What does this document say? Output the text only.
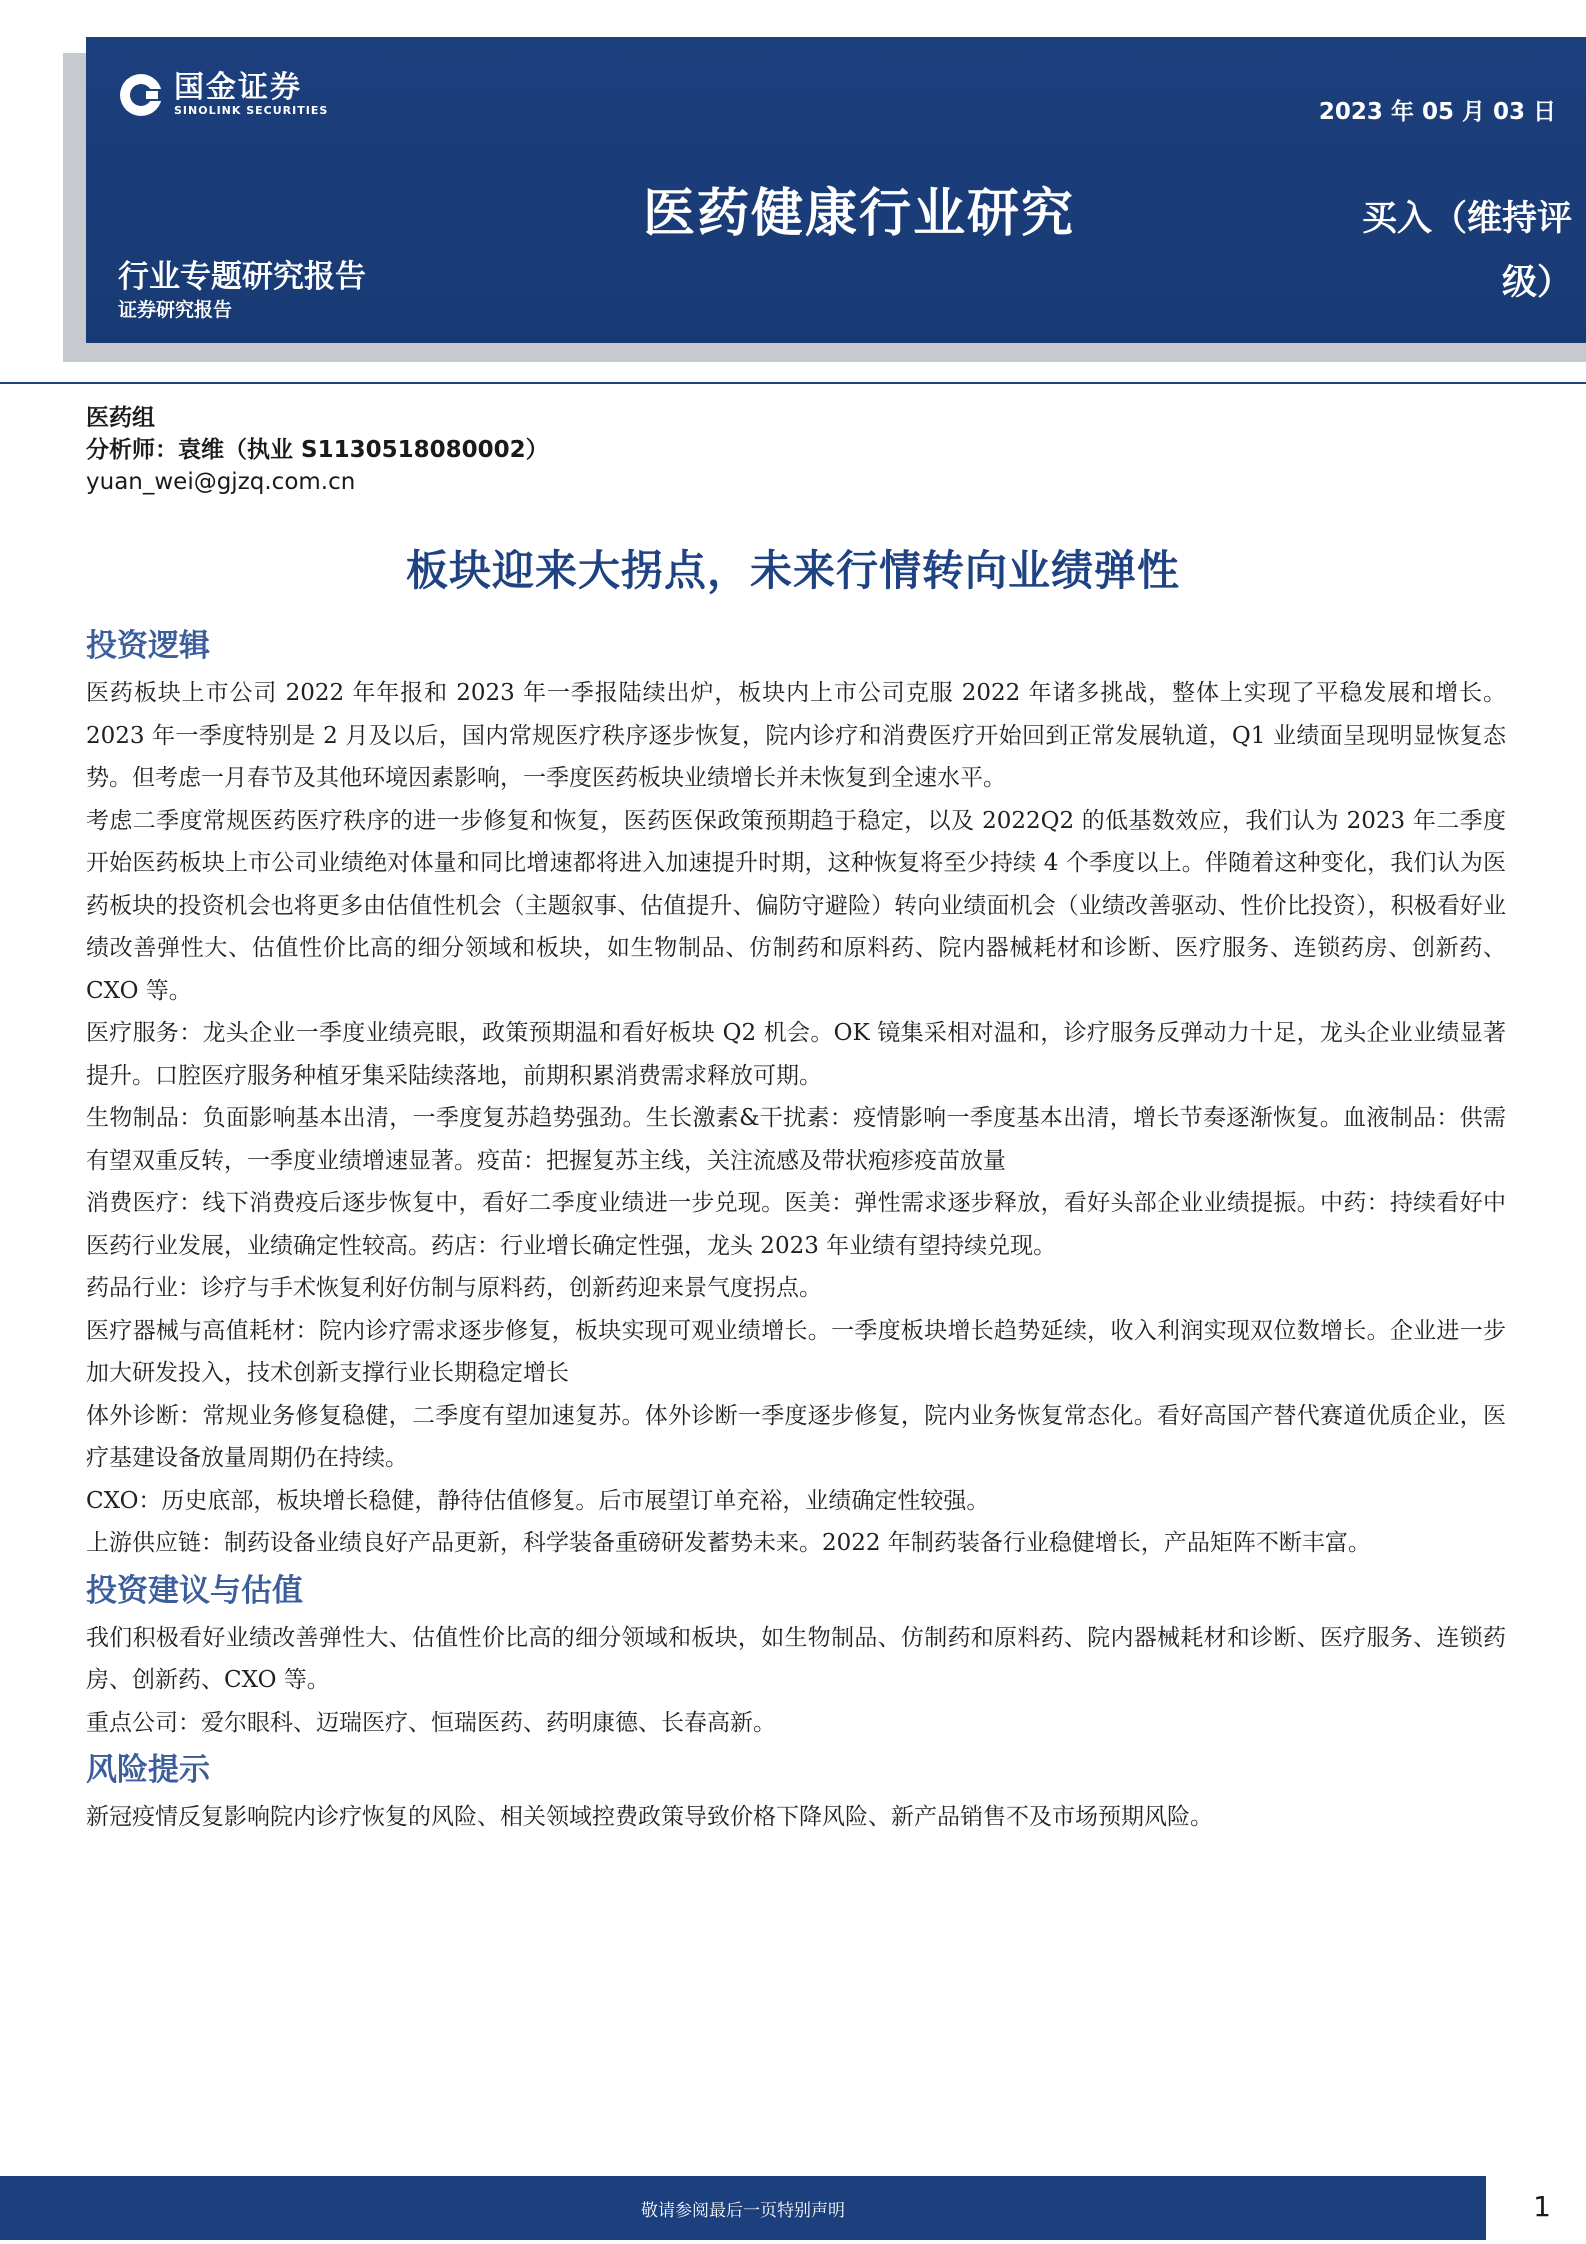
国金证券
SINOLINK SECURITIES	2023 年 05 月 03 日
医药健康行业研究	买入（维持评级）
行业专题研究报告
证券研究报告
医药组
分析师：袁维（执业 S1130518080002）
yuan_wei@gjzq.com.cn
板块迎来大拐点，未来行情转向业绩弹性
投资逻辑

医药板块上市公司 2022 年年报和 2023 年一季报陆续出炉，板块内上市公司克服 2022 年诸多挑战，整体上实现了平稳发展和增长。2023 年一季度特别是 2 月及以后，国内常规医疗秩序逐步恢复，院内诊疗和消费医疗开始回到正常发展轨道，Q1 业绩面呈现明显恢复态势。但考虑一月春节及其他环境因素影响，一季度医药板块业绩增长并未恢复到全速水平。

考虑二季度常规医药医疗秩序的进一步修复和恢复，医药医保政策预期趋于稳定，以及 2022Q2 的低基数效应，我们认为 2023 年二季度开始医药板块上市公司业绩绝对体量和同比增速都将进入加速提升时期，这种恢复将至少持续 4 个季度以上。伴随着这种变化，我们认为医药板块的投资机会也将更多由估值性机会（主题叙事、估值提升、偏防守避险）转向业绩面机会（业绩改善驱动、性价比投资），积极看好业绩改善弹性大、估值性价比高的细分领域和板块，如生物制品、仿制药和原料药、院内器械耗材和诊断、医疗服务、连锁药房、创新药、CXO 等。

医疗服务：龙头企业一季度业绩亮眼，政策预期温和看好板块 Q2 机会。OK 镜集采相对温和，诊疗服务反弹动力十足，龙头企业业绩显著提升。口腔医疗服务种植牙集采陆续落地，前期积累消费需求释放可期。

生物制品：负面影响基本出清，一季度复苏趋势强劲。生长激素&干扰素：疫情影响一季度基本出清，增长节奏逐渐恢复。血液制品：供需有望双重反转，一季度业绩增速显著。疫苗：把握复苏主线，关注流感及带状疱疹疫苗放量

消费医疗：线下消费疫后逐步恢复中，看好二季度业绩进一步兑现。医美：弹性需求逐步释放，看好头部企业业绩提振。中药：持续看好中医药行业发展，业绩确定性较高。药店：行业增长确定性强，龙头 2023 年业绩有望持续兑现。

药品行业：诊疗与手术恢复利好仿制与原料药，创新药迎来景气度拐点。

医疗器械与高值耗材：院内诊疗需求逐步修复，板块实现可观业绩增长。一季度板块增长趋势延续，收入利润实现双位数增长。企业进一步加大研发投入，技术创新支撑行业长期稳定增长

体外诊断：常规业务修复稳健，二季度有望加速复苏。体外诊断一季度逐步修复，院内业务恢复常态化。看好高国产替代赛道优质企业，医疗基建设备放量周期仍在持续。

CXO：历史底部，板块增长稳健，静待估值修复。后市展望订单充裕，业绩确定性较强。

上游供应链：制药设备业绩良好产品更新，科学装备重磅研发蓄势未来。2022 年制药装备行业稳健增长，产品矩阵不断丰富。

投资建议与估值

我们积极看好业绩改善弹性大、估值性价比高的细分领域和板块，如生物制品、仿制药和原料药、院内器械耗材和诊断、医疗服务、连锁药房、创新药、CXO 等。

重点公司：爱尔眼科、迈瑞医疗、恒瑞医药、药明康德、长春高新。

风险提示

新冠疫情反复影响院内诊疗恢复的风险、相关领域控费政策导致价格下降风险、新产品销售不及市场预期风险。

敬请参阅最后一页特别声明	1
